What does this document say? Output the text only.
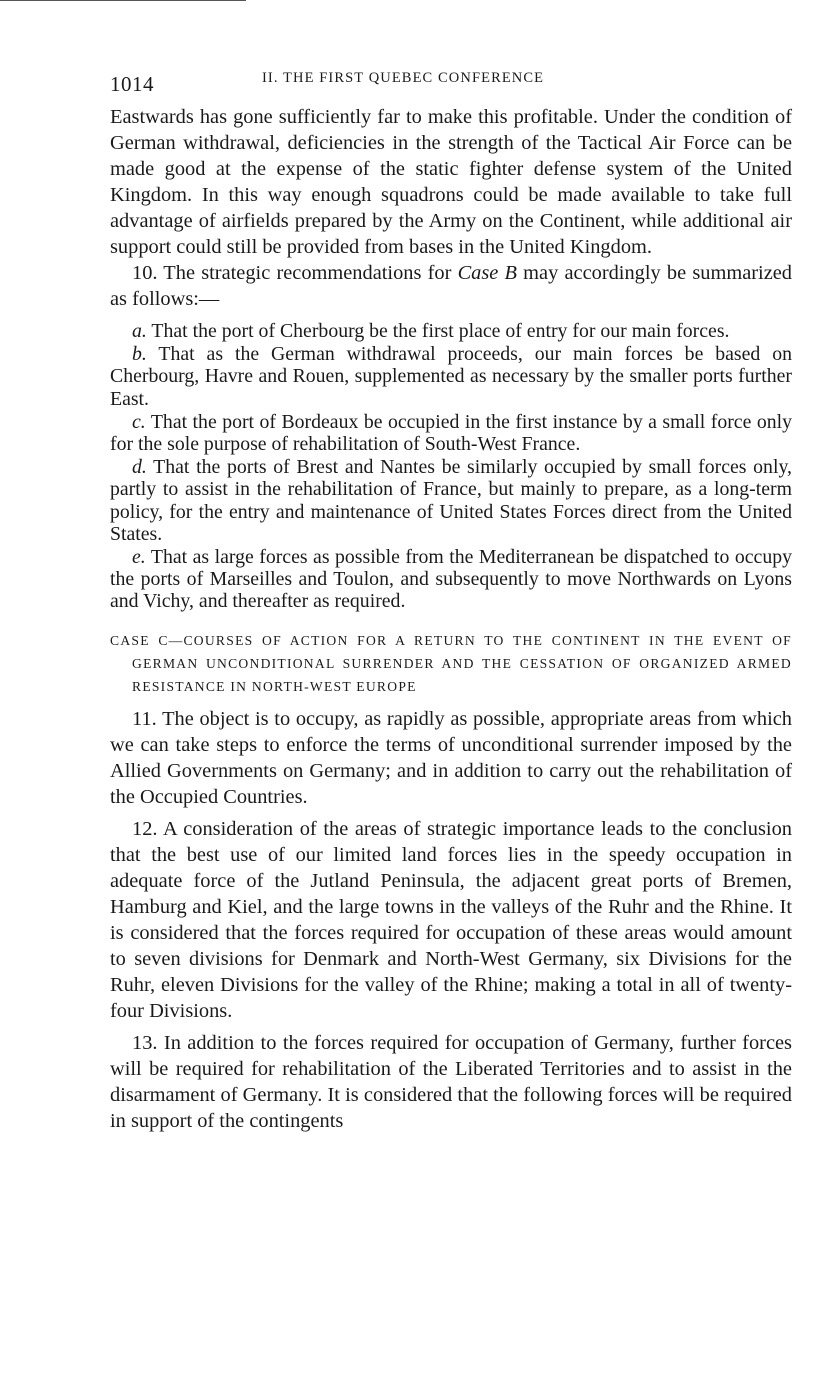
1014	II. THE FIRST QUEBEC CONFERENCE

Eastwards has gone sufficiently far to make this profitable. Under the condition of German withdrawal, deficiencies in the strength of the Tactical Air Force can be made good at the expense of the static fighter defense system of the United Kingdom. In this way enough squadrons could be made available to take full advantage of airfields prepared by the Army on the Continent, while additional air support could still be provided from bases in the United Kingdom.

10. The strategic recommendations for Case B may accordingly be summarized as follows:—

a. That the port of Cherbourg be the first place of entry for our main forces.

b. That as the German withdrawal proceeds, our main forces be based on Cherbourg, Havre and Rouen, supplemented as necessary by the smaller ports further East.

c. That the port of Bordeaux be occupied in the first instance by a small force only for the sole purpose of rehabilitation of South-West France.

d. That the ports of Brest and Nantes be similarly occupied by small forces only, partly to assist in the rehabilitation of France, but mainly to prepare, as a long-term policy, for the entry and maintenance of United States Forces direct from the United States.

e. That as large forces as possible from the Mediterranean be dispatched to occupy the ports of Marseilles and Toulon, and subsequently to move Northwards on Lyons and Vichy, and thereafter as required.

CASE C—COURSES OF ACTION FOR A RETURN TO THE CONTINENT IN THE EVENT OF GERMAN UNCONDITIONAL SURRENDER AND THE CESSATION OF ORGANIZED ARMED RESISTANCE IN NORTH-WEST EUROPE

11. The object is to occupy, as rapidly as possible, appropriate areas from which we can take steps to enforce the terms of unconditional surrender imposed by the Allied Governments on Germany; and in addition to carry out the rehabilitation of the Occupied Countries.

12. A consideration of the areas of strategic importance leads to the conclusion that the best use of our limited land forces lies in the speedy occupation in adequate force of the Jutland Peninsula, the adjacent great ports of Bremen, Hamburg and Kiel, and the large towns in the valleys of the Ruhr and the Rhine. It is considered that the forces required for occupation of these areas would amount to seven divisions for Denmark and North-West Germany, six Divisions for the Ruhr, eleven Divisions for the valley of the Rhine; making a total in all of twenty-four Divisions.

13. In addition to the forces required for occupation of Germany, further forces will be required for rehabilitation of the Liberated Territories and to assist in the disarmament of Germany. It is considered that the following forces will be required in support of the contingents
